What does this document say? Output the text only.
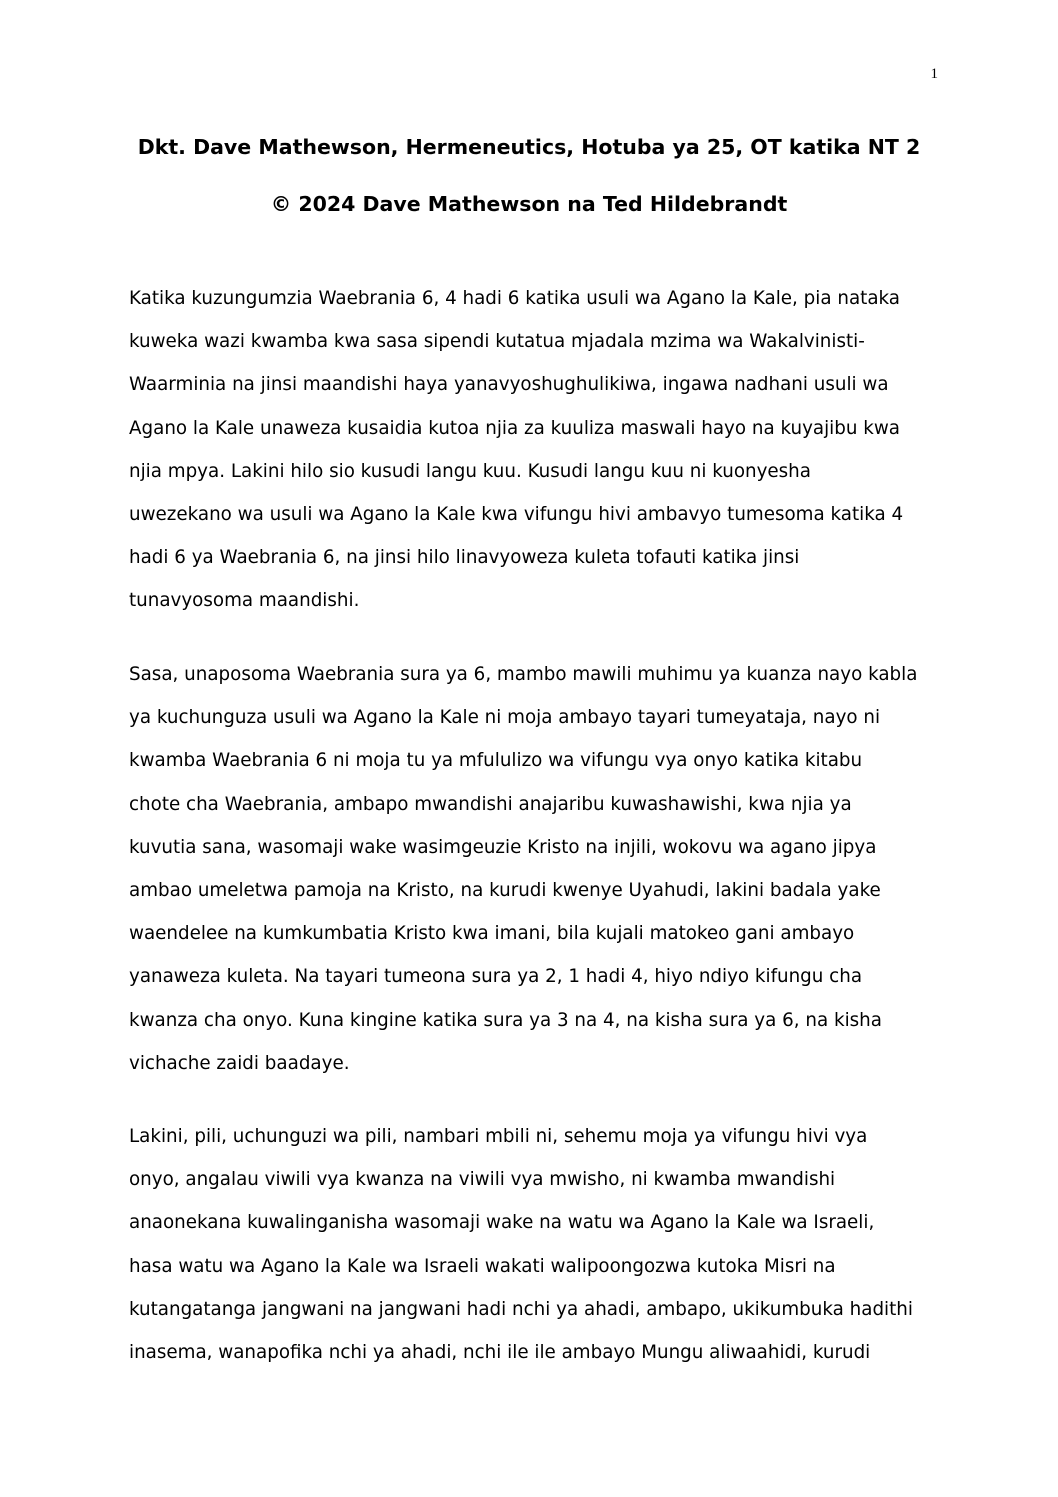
1
Dkt. Dave Mathewson, Hermeneutics, Hotuba ya 25, OT katika NT 2
© 2024 Dave Mathewson na Ted Hildebrandt
Katika kuzungumzia Waebrania 6, 4 hadi 6 katika usuli wa Agano la Kale, pia nataka
kuweka wazi kwamba kwa sasa sipendi kutatua mjadala mzima wa Wakalvinisti-
Waarminia na jinsi maandishi haya yanavyoshughulikiwa, ingawa nadhani usuli wa
Agano la Kale unaweza kusaidia kutoa njia za kuuliza maswali hayo na kuyajibu kwa
njia mpya. Lakini hilo sio kusudi langu kuu. Kusudi langu kuu ni kuonyesha
uwezekano wa usuli wa Agano la Kale kwa vifungu hivi ambavyo tumesoma katika 4
hadi 6 ya Waebrania 6, na jinsi hilo linavyoweza kuleta tofauti katika jinsi
tunavyosoma maandishi.
Sasa, unaposoma Waebrania sura ya 6, mambo mawili muhimu ya kuanza nayo kabla
ya kuchunguza usuli wa Agano la Kale ni moja ambayo tayari tumeyataja, nayo ni
kwamba Waebrania 6 ni moja tu ya mfululizo wa vifungu vya onyo katika kitabu
chote cha Waebrania, ambapo mwandishi anajaribu kuwashawishi, kwa njia ya
kuvutia sana, wasomaji wake wasimgeuzie Kristo na injili, wokovu wa agano jipya
ambao umeletwa pamoja na Kristo, na kurudi kwenye Uyahudi, lakini badala yake
waendelee na kumkumbatia Kristo kwa imani, bila kujali matokeo gani ambayo
yanaweza kuleta. Na tayari tumeona sura ya 2, 1 hadi 4, hiyo ndiyo kifungu cha
kwanza cha onyo. Kuna kingine katika sura ya 3 na 4, na kisha sura ya 6, na kisha
vichache zaidi baadaye.
Lakini, pili, uchunguzi wa pili, nambari mbili ni, sehemu moja ya vifungu hivi vya
onyo, angalau viwili vya kwanza na viwili vya mwisho, ni kwamba mwandishi
anaonekana kuwalinganisha wasomaji wake na watu wa Agano la Kale wa Israeli,
hasa watu wa Agano la Kale wa Israeli wakati walipoongozwa kutoka Misri na
kutangatanga jangwani na jangwani hadi nchi ya ahadi, ambapo, ukikumbuka hadithi
inasema, wanapofika nchi ya ahadi, nchi ile ile ambayo Mungu aliwaahidi, kurudi
